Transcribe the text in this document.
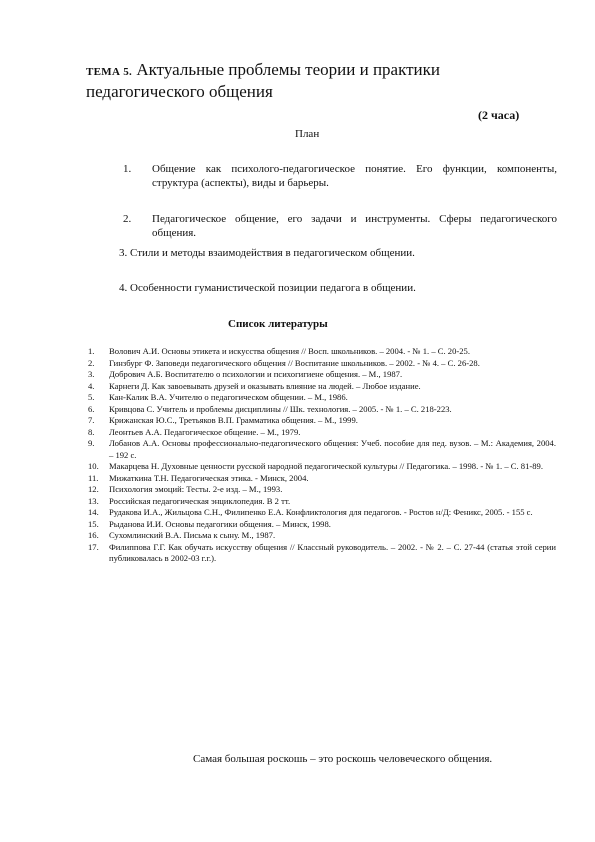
ТЕМА 5. Актуальные проблемы теории и практики педагогического общения
(2 часа)
План
1. Общение как психолого-педагогическое понятие. Его функции, компоненты, структура (аспекты), виды и барьеры.
2. Педагогическое общение, его задачи и инструменты. Сферы педагогического общения.
3. Стили и методы взаимодействия в педагогическом общении.
4. Особенности гуманистической позиции педагога в общении.
Список литературы
1. Волович А.И. Основы этикета и искусства общения // Восп. школьников. – 2004. - № 1. – С. 20-25.
2. Гинзбург Ф. Заповеди педагогического общения // Воспитание школьников. – 2002. - № 4. – С. 26-28.
3. Добрович А.Б. Воспитателю о психологии и психогигиене общения. – М., 1987.
4. Карнеги Д. Как завоевывать друзей и оказывать влияние на людей. – Любое издание.
5. Кан-Калик В.А. Учителю о педагогическом общении. – М., 1986.
6. Кривцова С. Учитель и проблемы дисциплины // Шк. технология. – 2005. - № 1. – С. 218-223.
7. Крижанская Ю.С., Третьяков В.П. Грамматика общения. – М., 1999.
8. Леонтьев А.А. Педагогическое общение. – М., 1979.
9. Лобанов А.А. Основы профессионально-педагогического общения: Учеб. пособие для пед. вузов. – М.: Академия, 2004. – 192 с.
10. Макарцева Н. Духовные ценности русской народной педагогической культуры // Педагогика. – 1998. - № 1. – С. 81-89.
11. Мижаткина Т.Н. Педагогическая этика. - Минск, 2004.
12. Психология эмоций: Тесты. 2-е изд. – М., 1993.
13. Российская педагогическая энциклопедия. В 2 тт.
14. Рудакова И.А., Жильцова С.Н., Филипенко Е.А. Конфликтология для педагогов. - Ростов н/Д: Феникс, 2005. - 155 с.
15. Рыданова И.И. Основы педагогики общения. – Минск, 1998.
16. Сухомлинский В.А. Письма к сыну. М., 1987.
17. Филиппова Г.Г. Как обучать искусству общения // Классный руководитель. – 2002. - № 2. – С. 27-44 (статья этой серии публиковалась в 2002-03 г.г.).
Самая большая роскошь – это роскошь человеческого общения.
